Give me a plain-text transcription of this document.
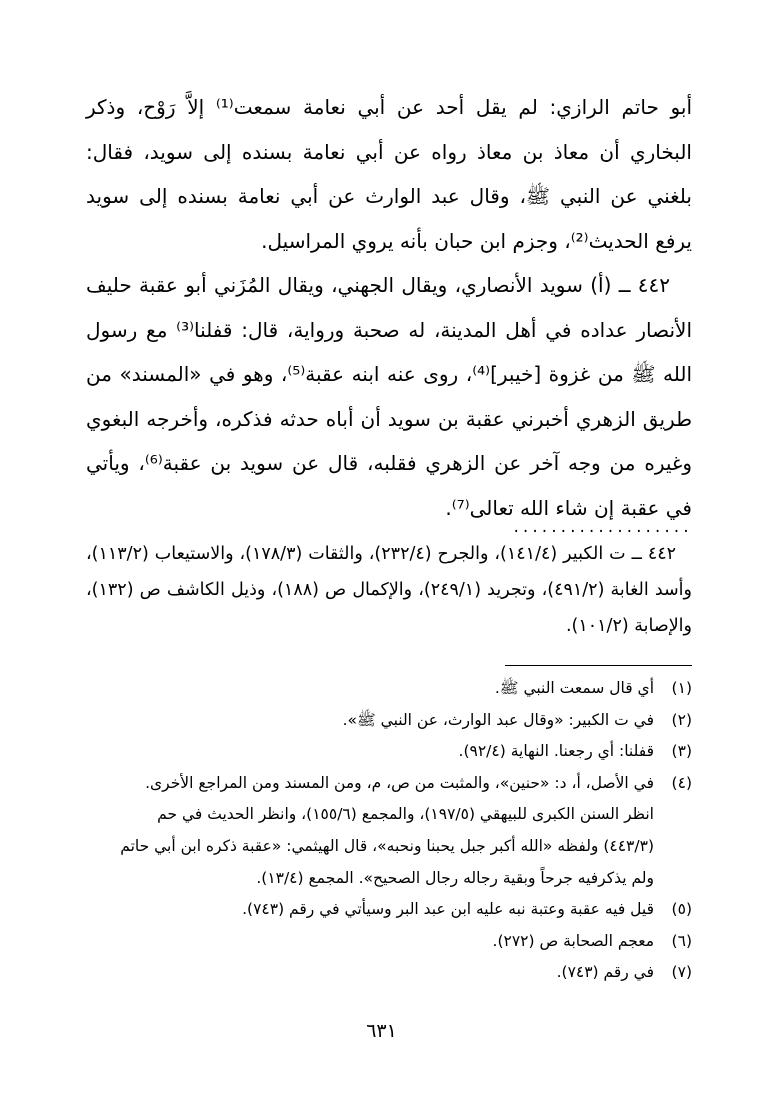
أبو حاتم الرازي: لم يقل أحد عن أبي نعامة سمعت⁽¹⁾ إلاَّ رَوْح، وذكر البخاري أن معاذ بن معاذ رواه عن أبي نعامة بسنده إلى سويد، فقال: بلغني عن النبي ﷺ، وقال عبد الوارث عن أبي نعامة بسنده إلى سويد يرفع الحديث⁽²⁾، وجزم ابن حبان بأنه يروي المراسيل.

٤٤٢ ــ (أ) سويد الأنصاري، ويقال الجهني، ويقال المُزَني أبو عقبة حليف الأنصار عداده في أهل المدينة، له صحبة ورواية، قال: قفلنا⁽³⁾ مع رسول الله ﷺ من غزوة [خيبر]⁽⁴⁾، روى عنه ابنه عقبة⁽⁵⁾، وهو في «المسند» من طريق الزهري أخبرني عقبة بن سويد أن أباه حدثه فذكره، وأخرجه البغوي وغيره من وجه آخر عن الزهري فقلبه، قال عن سويد بن عقبة⁽⁶⁾، ويأتي في عقبة إن شاء الله تعالى⁽⁷⁾.

...................

٤٤٢ ــ ت الكبير (١٤١/٤)، والجرح (٢٣٢/٤)، والثقات (١٧٨/٣)، والاستيعاب (١١٣/٢)، وأسد الغابة (٤٩١/٢)، وتجريد (٢٤٩/١)، والإكمال ص (١٨٨)، وذيل الكاشف ص (١٣٢)، والإصابة (١٠١/٢).

(١)
أي قال سمعت النبي ﷺ.
(٢)
في ت الكبير: «وقال عبد الوارث، عن النبي ﷺ».
(٣)
قفلنا: أي رجعنا. النهاية (٩٢/٤).
(٤)
في الأصل، أ، د: «حنين»، والمثبت من ص، م، ومن المسند ومن المراجع الأخرى.
انظر السنن الكبرى للبيهقي (١٩٧/٥)، والمجمع (١٥٥/٦)، وانظر الحديث في حم
(٤٤٣/٣) ولفظه «الله أكبر جبل يحبنا ونحبه»، قال الهيثمي: «عقبة ذكره ابن أبي حاتم
ولم يذكرفيه جرحاً وبقية رجاله رجال الصحيح». المجمع (١٣/٤).
(٥)
قيل فيه عقبة وعتبة نبه عليه ابن عبد البر وسيأتي في رقم (٧٤٣).
(٦)
معجم الصحابة ص (٢٧٢).
(٧)
في رقم (٧٤٣).
٦٣١
